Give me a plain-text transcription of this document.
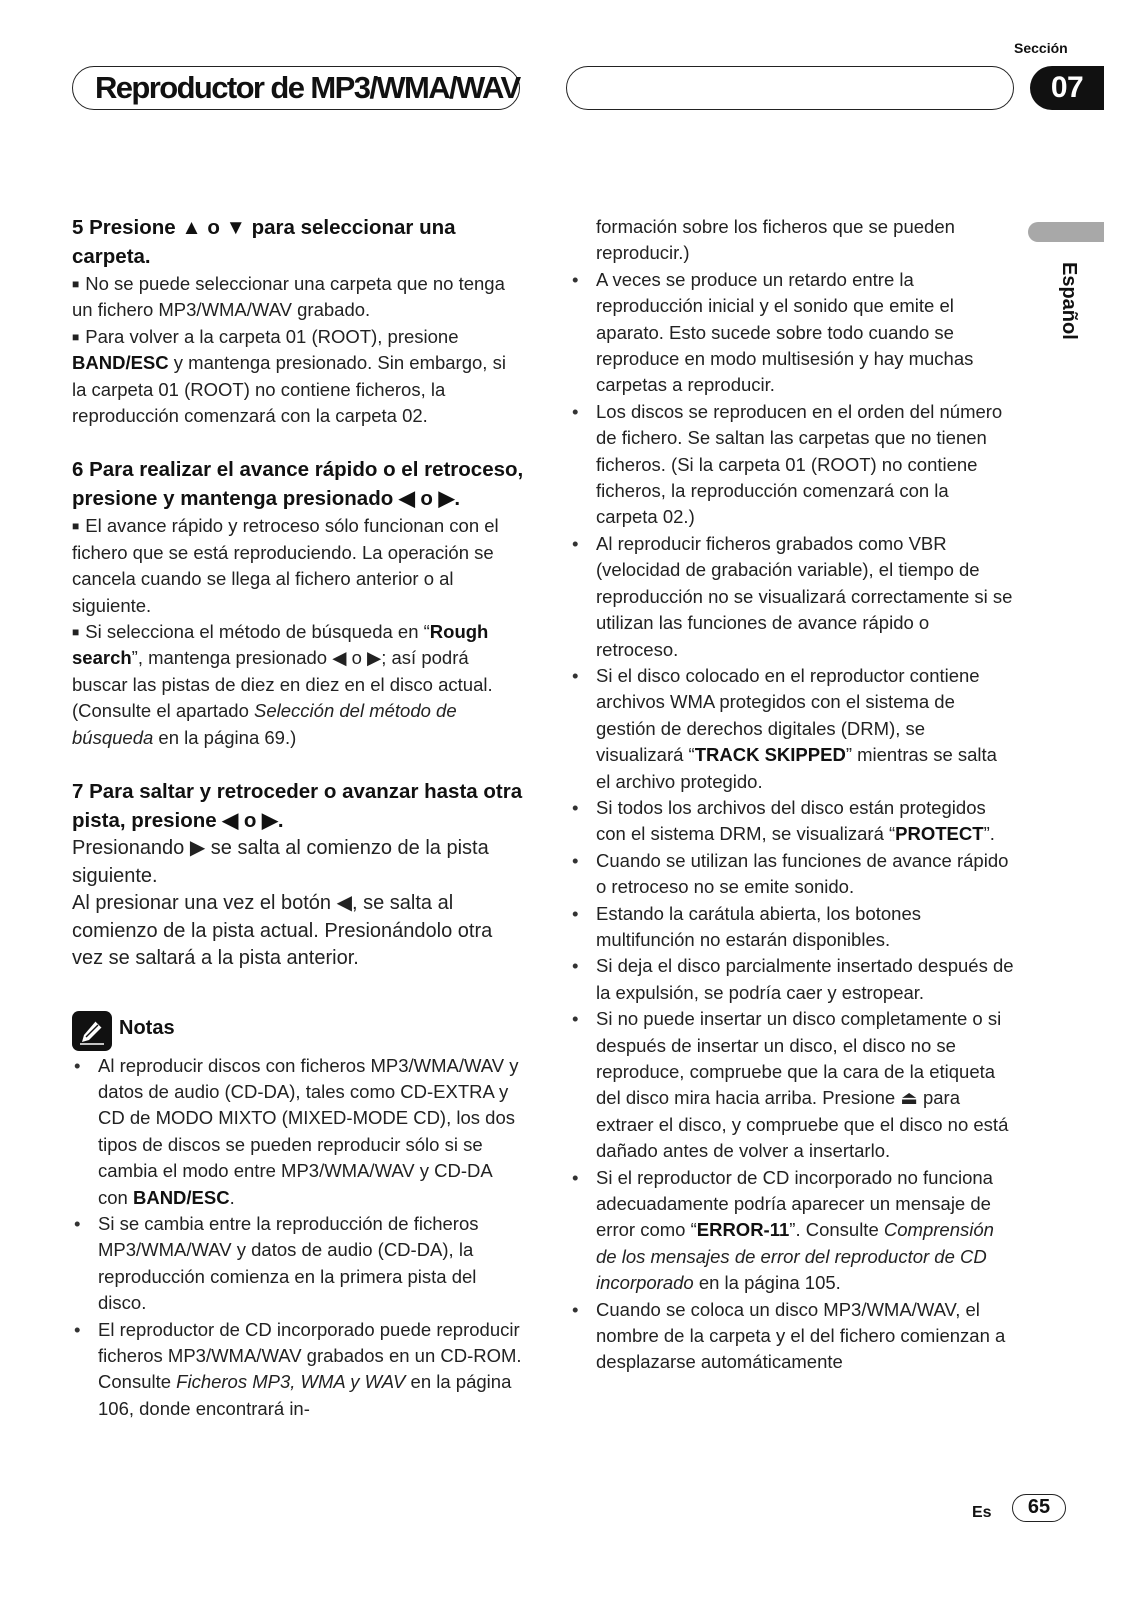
Reproductor de MP3/WMA/WAV
Sección
07
Español

5 Presione ▲ o ▼ para seleccionar una carpeta.

■ No se puede seleccionar una carpeta que no tenga un fichero MP3/WMA/WAV grabado.

■ Para volver a la carpeta 01 (ROOT), presione BAND/ESC y mantenga presionado. Sin embargo, si la carpeta 01 (ROOT) no contiene ficheros, la reproducción comenzará con la carpeta 02.

6 Para realizar el avance rápido o el retroceso, presione y mantenga presionado ◀ o ▶.

■ El avance rápido y retroceso sólo funcionan con el fichero que se está reproduciendo. La operación se cancela cuando se llega al fichero anterior o al siguiente.

■ Si selecciona el método de búsqueda en “Rough search”, mantenga presionado ◀ o ▶; así podrá buscar las pistas de diez en diez en el disco actual. (Consulte el apartado Selección del método de búsqueda en la página 69.)

7 Para saltar y retroceder o avanzar hasta otra pista, presione ◀ o ▶.

Presionando ▶ se salta al comienzo de la pista siguiente.

Al presionar una vez el botón ◀, se salta al comienzo de la pista actual. Presionándolo otra vez se saltará a la pista anterior.

Notas

• Al reproducir discos con ficheros MP3/WMA/WAV y datos de audio (CD-DA), tales como CD-EXTRA y CD de MODO MIXTO (MIXED-MODE CD), los dos tipos de discos se pueden reproducir sólo si se cambia el modo entre MP3/WMA/WAV y CD-DA con BAND/ESC.

• Si se cambia entre la reproducción de ficheros MP3/WMA/WAV y datos de audio (CD-DA), la reproducción comienza en la primera pista del disco.

• El reproductor de CD incorporado puede reproducir ficheros MP3/WMA/WAV grabados en un CD-ROM. Consulte Ficheros MP3, WMA y WAV en la página 106, donde encontrará in-

formación sobre los ficheros que se pueden reproducir.)

• A veces se produce un retardo entre la reproducción inicial y el sonido que emite el aparato. Esto sucede sobre todo cuando se reproduce en modo multisesión y hay muchas carpetas a reproducir.

• Los discos se reproducen en el orden del número de fichero. Se saltan las carpetas que no tienen ficheros. (Si la carpeta 01 (ROOT) no contiene ficheros, la reproducción comenzará con la carpeta 02.)

• Al reproducir ficheros grabados como VBR (velocidad de grabación variable), el tiempo de reproducción no se visualizará correctamente si se utilizan las funciones de avance rápido o retroceso.

• Si el disco colocado en el reproductor contiene archivos WMA protegidos con el sistema de gestión de derechos digitales (DRM), se visualizará “TRACK SKIPPED” mientras se salta el archivo protegido.

• Si todos los archivos del disco están protegidos con el sistema DRM, se visualizará “PROTECT”.

• Cuando se utilizan las funciones de avance rápido o retroceso no se emite sonido.

• Estando la carátula abierta, los botones multifunción no estarán disponibles.

• Si deja el disco parcialmente insertado después de la expulsión, se podría caer y estropear.

• Si no puede insertar un disco completamente o si después de insertar un disco, el disco no se reproduce, compruebe que la cara de la etiqueta del disco mira hacia arriba. Presione ⏏ para extraer el disco, y compruebe que el disco no está dañado antes de volver a insertarlo.

• Si el reproductor de CD incorporado no funciona adecuadamente podría aparecer un mensaje de error como “ERROR-11”. Consulte Comprensión de los mensajes de error del reproductor de CD incorporado en la página 105.

• Cuando se coloca un disco MP3/WMA/WAV, el nombre de la carpeta y el del fichero comienzan a desplazarse automáticamente

Es	65
